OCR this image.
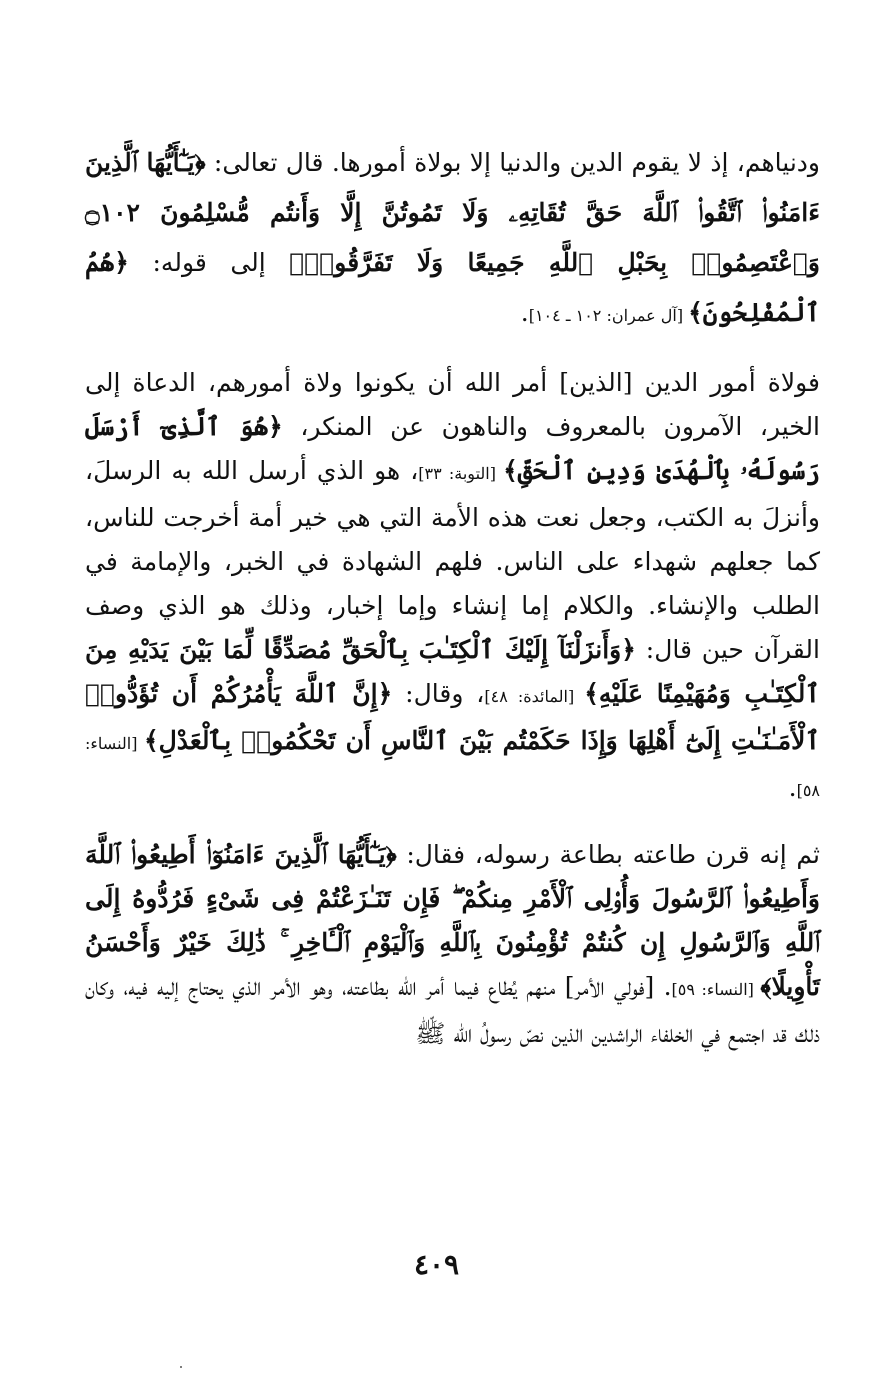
ودنياهم، إذ لا يقوم الدين والدنيا إلا بولاة أمورها. قال تعالى: ﴿يَـٰٓأَيُّهَا ٱلَّذِينَ ءَامَنُوا۟ ٱتَّقُوا۟ ٱللَّهَ حَقَّ تُقَاتِهِۦ وَلَا تَمُوتُنَّ إِلَّا وَأَنتُم مُّسْلِمُونَ ۝١٠٢ وَٱعْتَصِمُوا۟ بِحَبْلِ ٱللَّهِ جَمِيعًا وَلَا تَفَرَّقُوا۟﴾ إلى قوله: ﴿هُمُ ٱلْمُفْلِحُونَ﴾ [آل عمران: ١٠٢ ـ ١٠٤].

فولاة أمور الدين [الذين] أمر الله أن يكونوا ولاة أمورهم، الدعاة إلى الخير، الآمرون بالمعروف والناهون عن المنكر، ﴿هُوَ ٱلَّذِىٓ أَرْسَلَ رَسُولَهُۥ بِٱلْهُدَىٰ وَدِينِ ٱلْحَقِّ﴾ [التوبة: ٣٣]، هو الذي أرسل الله به الرسلَ، وأنزلَ به الكتب، وجعل نعت هذه الأمة التي هي خير أمة أخرجت للناس، كما جعلهم شهداء على الناس. فلهم الشهادة في الخبر، والإمامة في الطلب والإنشاء. والكلام إما إنشاء وإما إخبار، وذلك هو الذي وصف القرآن حين قال: ﴿وَأَنزَلْنَآ إِلَيْكَ ٱلْكِتَـٰبَ بِٱلْحَقِّ مُصَدِّقًا لِّمَا بَيْنَ يَدَيْهِ مِنَ ٱلْكِتَـٰبِ وَمُهَيْمِنًا عَلَيْهِ﴾ [المائدة: ٤٨]، وقال: ﴿إِنَّ ٱللَّهَ يَأْمُرُكُمْ أَن تُؤَدُّوا۟ ٱلْأَمَـٰنَـٰتِ إِلَىٰٓ أَهْلِهَا وَإِذَا حَكَمْتُم بَيْنَ ٱلنَّاسِ أَن تَحْكُمُوا۟ بِٱلْعَدْلِ﴾ [النساء: ٥٨].

ثم إنه قرن طاعته بطاعة رسوله، فقال: ﴿يَـٰٓأَيُّهَا ٱلَّذِينَ ءَامَنُوٓا۟ أَطِيعُوا۟ ٱللَّهَ وَأَطِيعُوا۟ ٱلرَّسُولَ وَأُو۟لِى ٱلْأَمْرِ مِنكُمْ ۖ فَإِن تَنَـٰزَعْتُمْ فِى شَىْءٍ فَرُدُّوهُ إِلَى ٱللَّهِ وَٱلرَّسُولِ إِن كُنتُمْ تُؤْمِنُونَ بِٱللَّهِ وَٱلْيَوْمِ ٱلْـَٔاخِرِ ۚ ذَٰلِكَ خَيْرٌ وَأَحْسَنُ تَأْوِيلًا﴾ [النساء: ٥٩]. [فولي الأمر] منهم يُطاع فيما أمر الله بطاعته، وهو الأمر الذي يحتاج إليه فيه، وكان ذلك قد اجتمع في الخلفاء الراشدين الذين نصّ رسولُ الله ﷺ

٤٠٩
